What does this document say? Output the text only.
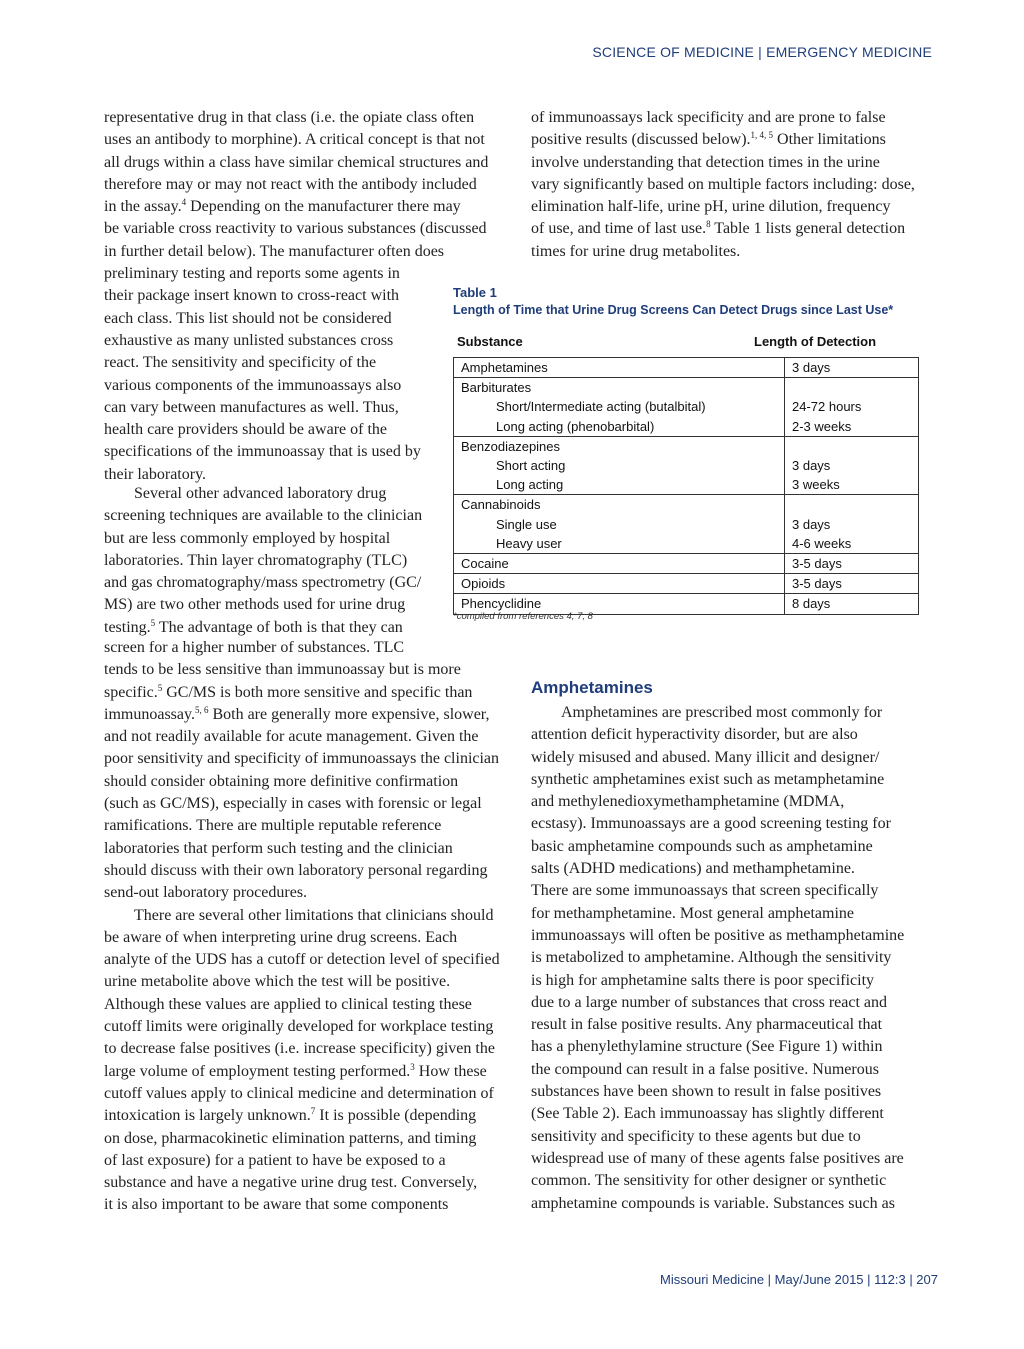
SCIENCE OF MEDICINE | EMERGENCY MEDICINE
representative drug in that class (i.e. the opiate class often
uses an antibody to morphine). A critical concept is that not
all drugs within a class have similar chemical structures and
therefore may or may not react with the antibody included
in the assay.$^4$ Depending on the manufacturer there may
be variable cross reactivity to various substances (discussed
in further detail below). The manufacturer often does
preliminary testing and reports some agents in
their package insert known to cross-react with
each class. This list should not be considered
exhaustive as many unlisted substances cross
react. The sensitivity and specificity of the
various components of the immunoassays also
can vary between manufactures as well. Thus,
health care providers should be aware of the
specifications of the immunoassay that is used by
their laboratory.
Several other advanced laboratory drug
screening techniques are available to the clinician
but are less commonly employed by hospital
laboratories. Thin layer chromatography (TLC)
and gas chromatography/mass spectrometry (GC/
MS) are two other methods used for urine drug
testing.$^5$ The advantage of both is that they can
screen for a higher number of substances. TLC
tends to be less sensitive than immunoassay but is more
specific.$^5$ GC/MS is both more sensitive and specific than
immunoassay.$^{5, 6}$ Both are generally more expensive, slower,
and not readily available for acute management. Given the
poor sensitivity and specificity of immunoassays the clinician
should consider obtaining more definitive confirmation
(such as GC/MS), especially in cases with forensic or legal
ramifications. There are multiple reputable reference
laboratories that perform such testing and the clinician
should discuss with their own laboratory personal regarding
send-out laboratory procedures.
There are several other limitations that clinicians should
be aware of when interpreting urine drug screens. Each
analyte of the UDS has a cutoff or detection level of specified
urine metabolite above which the test will be positive.
Although these values are applied to clinical testing these
cutoff limits were originally developed for workplace testing
to decrease false positives (i.e. increase specificity) given the
large volume of employment testing performed.$^3$ How these
cutoff values apply to clinical medicine and determination of
intoxication is largely unknown.$^7$ It is possible (depending
on dose, pharmacokinetic elimination patterns, and timing
of last exposure) for a patient to have be exposed to a
substance and have a negative urine drug test. Conversely,
it is also important to be aware that some components
of immunoassays lack specificity and are prone to false
positive results (discussed below).$^{1, 4, 5}$ Other limitations
involve understanding that detection times in the urine
vary significantly based on multiple factors including: dose,
elimination half-life, urine pH, urine dilution, frequency
of use, and time of last use.$^8$ Table 1 lists general detection
times for urine drug metabolites.
Table 1
Length of Time that Urine Drug Screens Can Detect Drugs since Last Use*
Substance	Length of Detection
Amphetamines	3 days
Barbiturates	
Short/Intermediate acting (butalbital)	24-72 hours
Long acting (phenobarbital)	2-3 weeks
Benzodiazepines	
Short acting	3 days
Long acting	3 weeks
Cannabinoids	
Single use	3 days
Heavy user	4-6 weeks
Cocaine	3-5 days
Opioids	3-5 days
Phencyclidine	8 days
*compiled from references 4, 7, 8
Amphetamines
Amphetamines are prescribed most commonly for
attention deficit hyperactivity disorder, but are also
widely misused and abused. Many illicit and designer/
synthetic amphetamines exist such as metamphetamine
and methylenedioxymethamphetamine (MDMA,
ecstasy). Immunoassays are a good screening testing for
basic amphetamine compounds such as amphetamine
salts (ADHD medications) and methamphetamine.
There are some immunoassays that screen specifically
for methamphetamine. Most general amphetamine
immunoassays will often be positive as methamphetamine
is metabolized to amphetamine. Although the sensitivity
is high for amphetamine salts there is poor specificity
due to a large number of substances that cross react and
result in false positive results. Any pharmaceutical that
has a phenylethylamine structure (See Figure 1) within
the compound can result in a false positive. Numerous
substances have been shown to result in false positives
(See Table 2). Each immunoassay has slightly different
sensitivity and specificity to these agents but due to
widespread use of many of these agents false positives are
common. The sensitivity for other designer or synthetic
amphetamine compounds is variable. Substances such as
Missouri Medicine | May/June 2015 | 112:3 | 207
